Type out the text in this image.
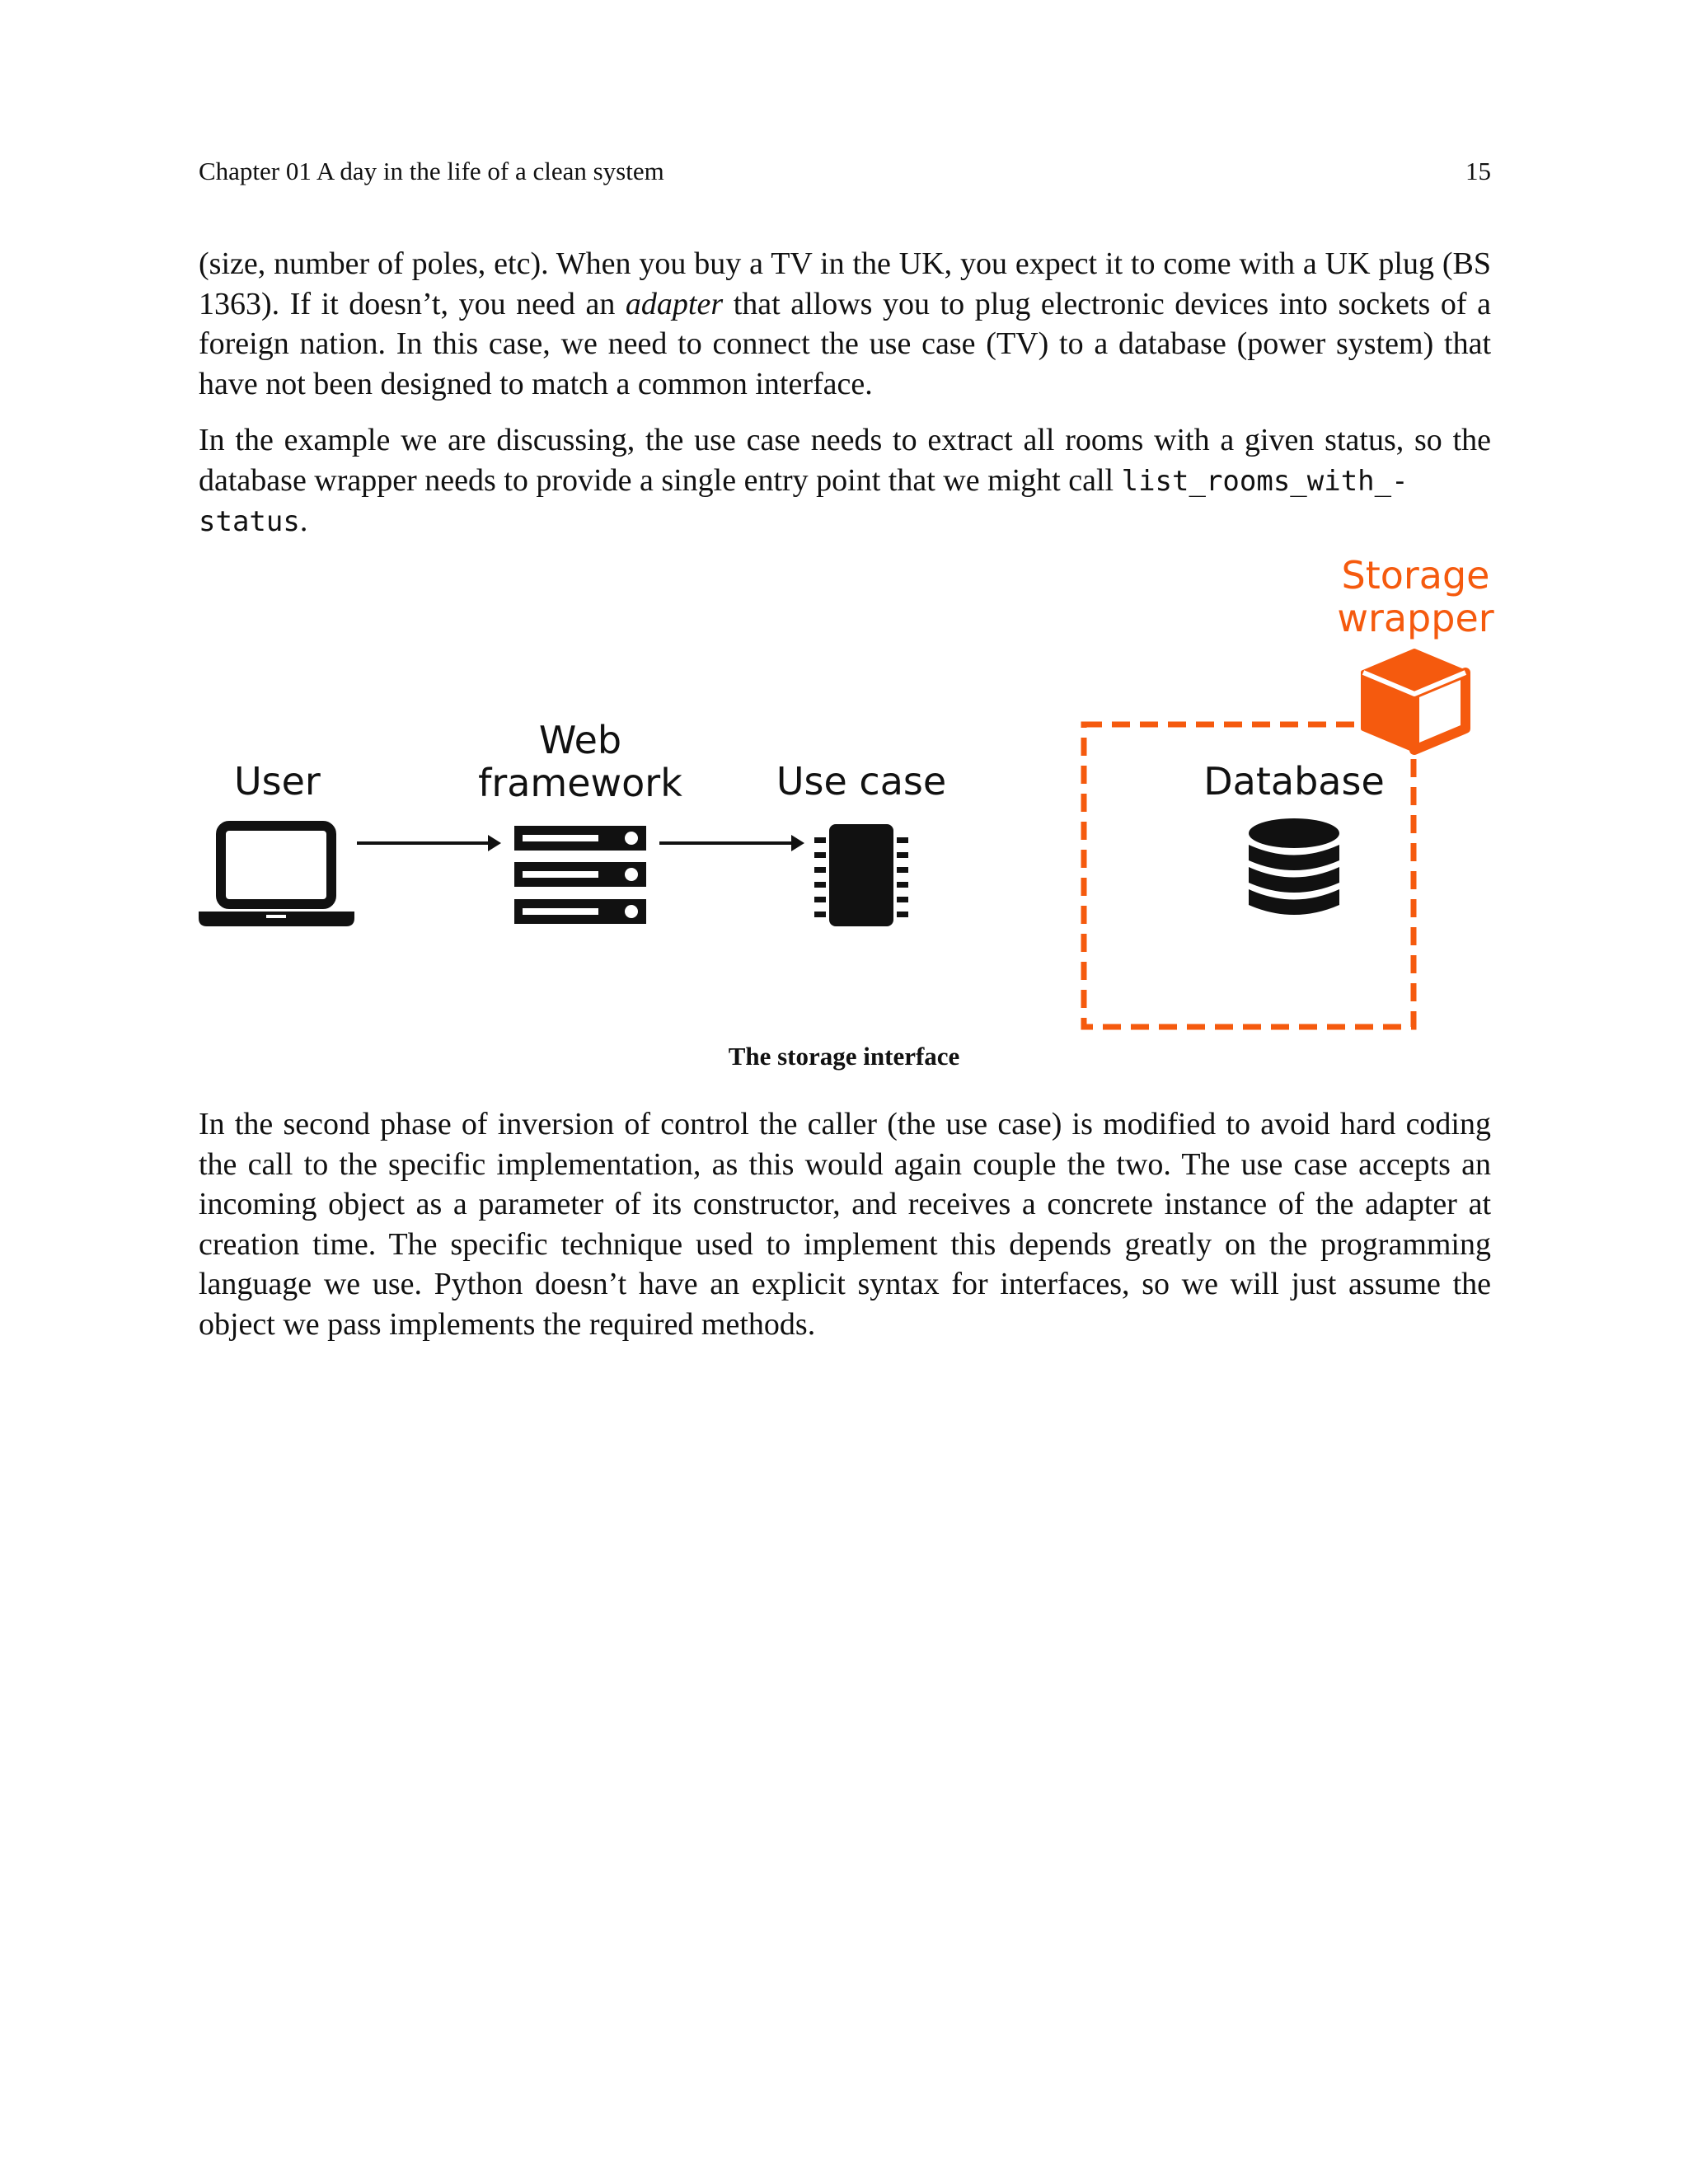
Chapter 01 A day in the life of a clean system	15

(size, number of poles, etc). When you buy a TV in the UK, you expect it to come with a UK plug (BS 1363). If it doesn’t, you need an adapter that allows you to plug electronic devices into sockets of a foreign nation. In this case, we need to connect the use case (TV) to a database (power system) that have not been designed to match a common interface.

In the example we are discussing, the use case needs to extract all rooms with a given status, so the database wrapper needs to provide a single entry point that we might call list_rooms_with_-
status.

User
Web
framework Use case	Database
Storage
wrapper
The storage interface

In the second phase of inversion of control the caller (the use case) is modified to avoid hard coding the call to the specific implementation, as this would again couple the two. The use case accepts an incoming object as a parameter of its constructor, and receives a concrete instance of the adapter at creation time. The specific technique used to implement this depends greatly on the programming language we use. Python doesn’t have an explicit syntax for interfaces, so we will just assume the object we pass implements the required methods.
